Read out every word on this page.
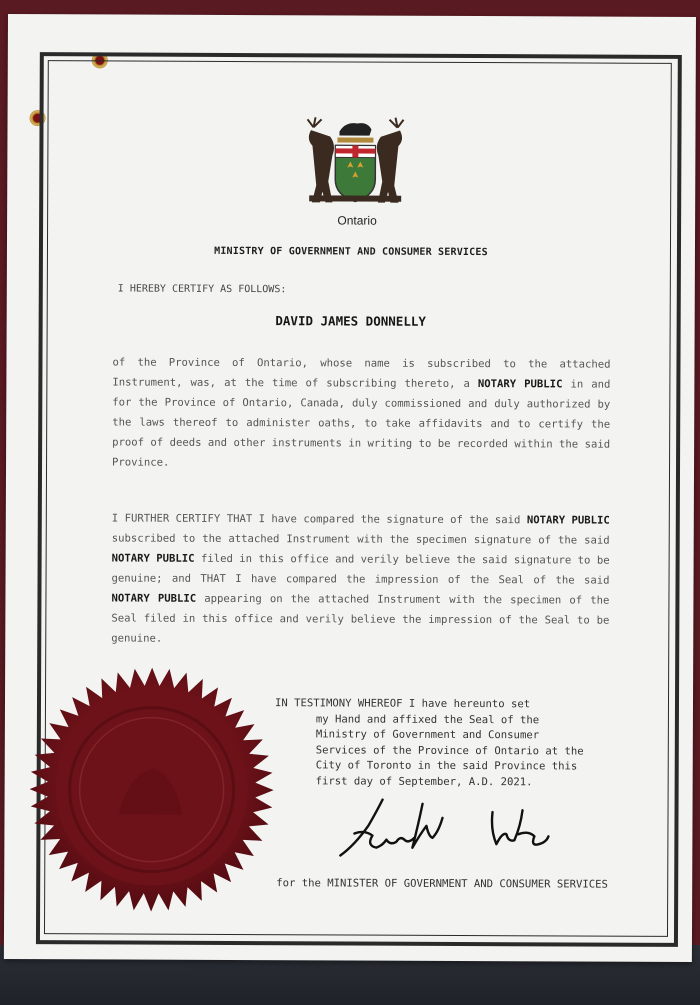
Ontario
MINISTRY OF GOVERNMENT AND CONSUMER SERVICES
I HEREBY CERTIFY AS FOLLOWS:
DAVID JAMES DONNELLY

of the Province of Ontario, whose name is subscribed to the attached Instrument, was, at the time of subscribing thereto, a NOTARY PUBLIC in and for the Province of Ontario, Canada, duly commissioned and duly authorized by the laws thereof to administer oaths, to take affidavits and to certify the proof of deeds and other instruments in writing to be recorded within the said Province.

I FURTHER CERTIFY THAT I have compared the signature of the said NOTARY PUBLIC subscribed to the attached Instrument with the specimen signature of the said NOTARY PUBLIC filed in this office and verily believe the said signature to be genuine; and THAT I have compared the impression of the Seal of the said NOTARY PUBLIC appearing on the attached Instrument with the specimen of the Seal filed in this office and verily believe the impression of the Seal to be genuine.

IN TESTIMONY WHEREOF I have hereunto set

my Hand and affixed the Seal of the
Ministry of Government and Consumer
Services of the Province of Ontario at the
City of Toronto in the said Province this
first day of September, A.D. 2021.
for the MINISTER OF GOVERNMENT AND CONSUMER SERVICES
